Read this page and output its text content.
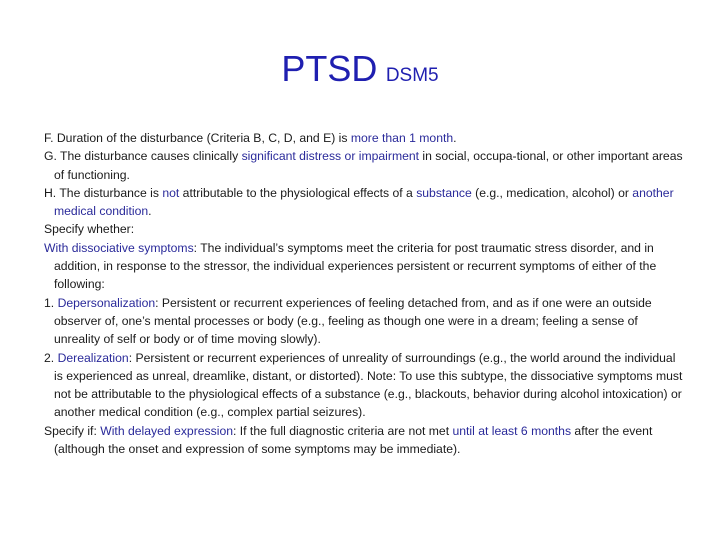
PTSD DSM5

F. Duration of the disturbance (Criteria B, C, D, and E) is more than 1 month.

G. The disturbance causes clinically significant distress or impairment in social, occupa-tional, or other important areas of functioning.

H. The disturbance is not attributable to the physiological effects of a substance (e.g., medication, alcohol) or another medical condition.

Specify whether:

With dissociative symptoms: The individual’s symptoms meet the criteria for post traumatic stress disorder, and in addition, in response to the stressor, the individual experiences persistent or recurrent symptoms of either of the following:

1. Depersonalization: Persistent or recurrent experiences of feeling detached from, and as if one were an outside observer of, one’s mental processes or body (e.g., feeling as though one were in a dream; feeling a sense of unreality of self or body or of time moving slowly).

2. Derealization: Persistent or recurrent experiences of unreality of surroundings (e.g., the world around the individual is experienced as unreal, dreamlike, distant, or distorted). Note: To use this subtype, the dissociative symptoms must not be attributable to the physiological effects of a substance (e.g., blackouts, behavior during alcohol intoxication) or another medical condition (e.g., complex partial seizures).

Specify if: With delayed expression: If the full diagnostic criteria are not met until at least 6 months after the event (although the onset and expression of some symptoms may be immediate).
